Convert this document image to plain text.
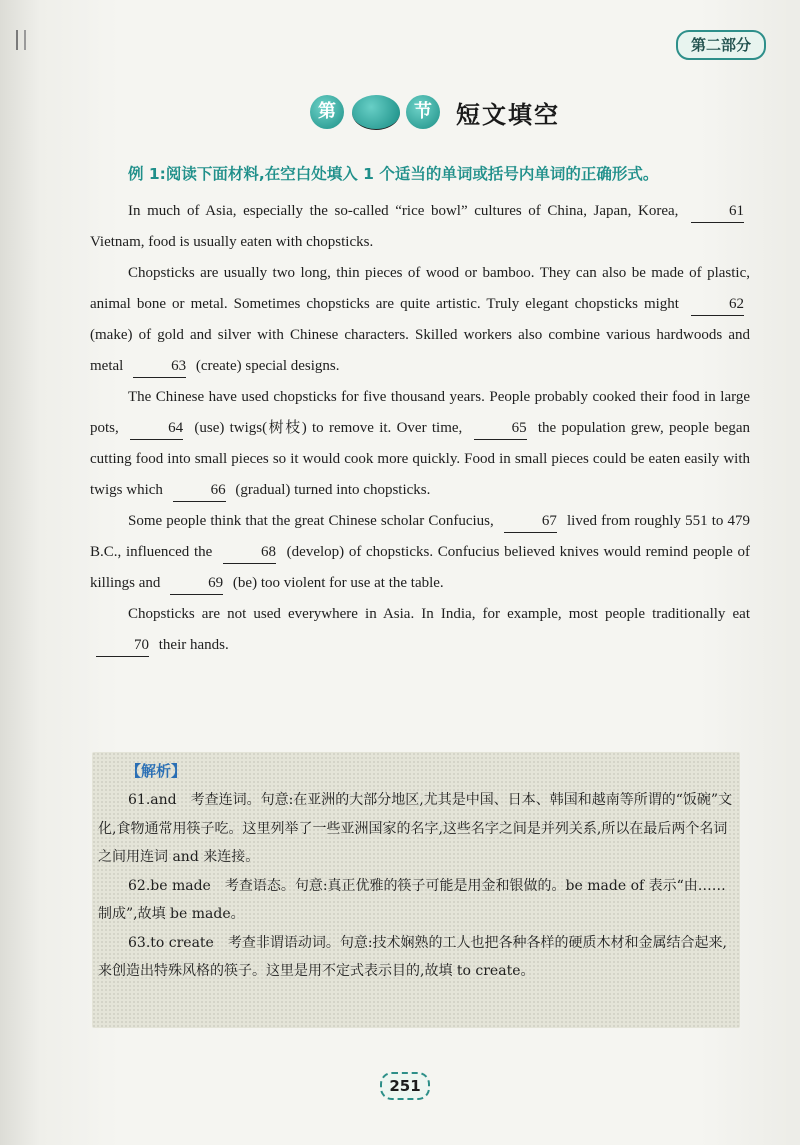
第二部分
第	节	短文填空
例 1:阅读下面材料,在空白处填入 1 个适当的单词或括号内单词的正确形式。

In much of Asia, especially the so-called “rice bowl” cultures of China, Japan, Korea,	61 Vietnam, food is usually eaten with chopsticks.

Chopsticks are usually two long, thin pieces of wood or bamboo. They can also be made of plastic, animal bone or metal. Sometimes chopsticks are quite artistic. Truly elegant chopsticks might	62 (make) of gold and silver with Chinese characters. Skilled workers also combine various hardwoods and metal	63 (create) special designs.

The Chinese have used chopsticks for five thousand years. People probably cooked their food in large pots,	64 (use) twigs(树枝) to remove it. Over time,	65 the population grew, people began cutting food into small pieces so it would cook more quickly. Food in small pieces could be eaten easily with twigs which	66 (gradual) turned into chopsticks.

Some people think that the great Chinese scholar Confucius,	67 lived from roughly 551 to 479 B.C., influenced the	68 (develop) of chopsticks. Confucius believed knives would remind people of killings and	69 (be) too violent for use at the table.

Chopsticks are not used everywhere in Asia. In India, for example, most people traditionally eat 70 their hands.

【解析】

61.and　考查连词。句意:在亚洲的大部分地区,尤其是中国、日本、韩国和越南等所谓的“饭碗”文化,食物通常用筷子吃。这里列举了一些亚洲国家的名字,这些名字之间是并列关系,所以在最后两个名词之间用连词 and 来连接。

62.be made　考查语态。句意:真正优雅的筷子可能是用金和银做的。be made of 表示“由……制成”,故填 be made。

63.to create　考查非谓语动词。句意:技术娴熟的工人也把各种各样的硬质木材和金属结合起来,来创造出特殊风格的筷子。这里是用不定式表示目的,故填 to create。

251
